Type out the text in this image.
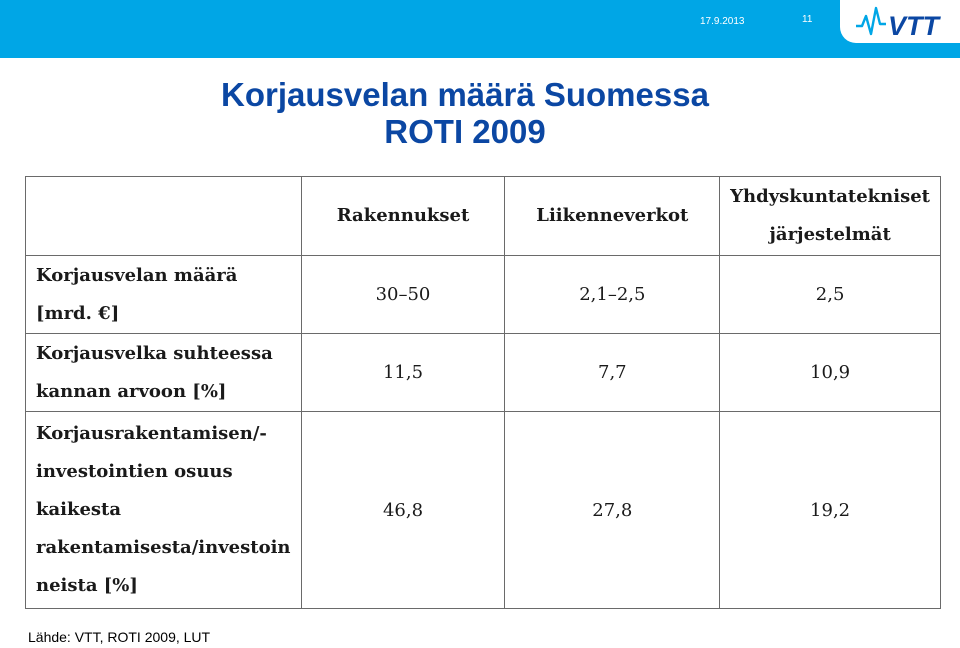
17.9.2013	11	VTT
Korjausvelan määrä Suomessa
ROTI 2009
	Rakennukset	Liikenneverkot	Yhdyskuntatekniset järjestelmät
Korjausvelan määrä [mrd. €]	30–50	2,1–2,5	2,5
Korjausvelka suhteessa kannan arvoon [%]	11,5	7,7	10,9
Korjausrakentamisen/-investointien osuus kaikesta rakentamisesta/investoin neista [%]	46,8	27,8	19,2
Lähde: VTT, ROTI 2009, LUT
